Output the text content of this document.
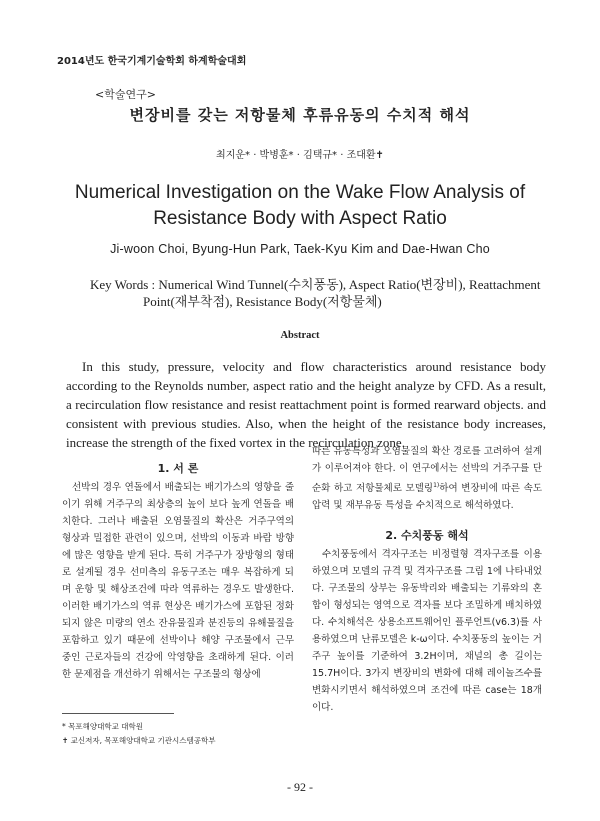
2014년도 한국기계기술학회 하계학술대회
<학술연구>
변장비를 갖는 저항물체 후류유동의 수치적 해석
최지운* · 박병훈* · 김택규* · 조대환✝
Numerical Investigation on the Wake Flow Analysis of
Resistance Body with Aspect Ratio
Ji-woon Choi, Byung-Hun Park, Taek-Kyu Kim and Dae-Hwan Cho
Key Words : Numerical Wind Tunnel(수치풍동), Aspect Ratio(변장비), Reattachment
Point(재부착점), Resistance Body(저항물체)
Abstract

In this study, pressure, velocity and flow characteristics around resistance body according to the Reynolds number, aspect ratio and the height analyze by CFD. As a result, a recirculation flow resistance and resist reattachment point is formed rearward objects. and consistent with previous studies. Also, when the height of the resistance body increases, increase the strength of the fixed vortex in the recirculation zone.

1. 서 론

선박의 경우 연돌에서 배출되는 배기가스의 영향을 줄이기 위해 거주구의 최상층의 높이 보다 높게 연돌을 배치한다. 그러나 배출된 오염물질의 확산은 거주구역의 형상과 밀접한 관련이 있으며, 선박의 이동과 바람 방향에 많은 영향을 받게 된다. 특히 거주구가 장방형의 형태로 설계될 경우 선미측의 유동구조는 매우 복잡하게 되며 운항 및 해상조건에 따라 역류하는 경우도 발생한다. 이러한 배기가스의 역류 현상은 배기가스에 포함된 정화되지 않은 미량의 연소 잔유물질과 분진등의 유해물질을 포함하고 있기 때문에 선박이나 해양 구조물에서 근무 중인 근로자들의 건강에 악영향을 초래하게 된다. 이러한 문제점을 개선하기 위해서는 구조물의 형상에

따른 유동특성과 오염물질의 확산 경로를 고려하여 설계가 이루어져야 한다. 이 연구에서는 선박의 거주구를 단순화 하고 저항물체로 모델링$^{1)}$하여 변장비에 따른 속도 압력 및 재부유동 특성을 수치적으로 해석하였다.

2. 수치풍동 해석

수치풍동에서 격자구조는 비정렬형 격자구조를 이용하였으며 모델의 규격 및 격자구조를 그림 1에 나타내었다. 구조물의 상부는 유동박리와 배출되는 기류와의 혼합이 형성되는 영역으로 격자를 보다 조밀하게 배치하였다. 수치해석은 상용소프트웨어인 플루언트(v6.3)를 사용하였으며 난류모델은 k-ω이다. 수치풍동의 높이는 거주구 높이를 기준하여 3.2H이며, 채널의 총 길이는 15.7H이다. 3가지 변장비의 변화에 대해 레이놀즈수를 변화시키면서 해석하였으며 조건에 따른 case는 18개 이다.

* 목포해양대학교 대학원
✝ 교신저자, 목포해양대학교 기관시스템공학부
- 92 -
